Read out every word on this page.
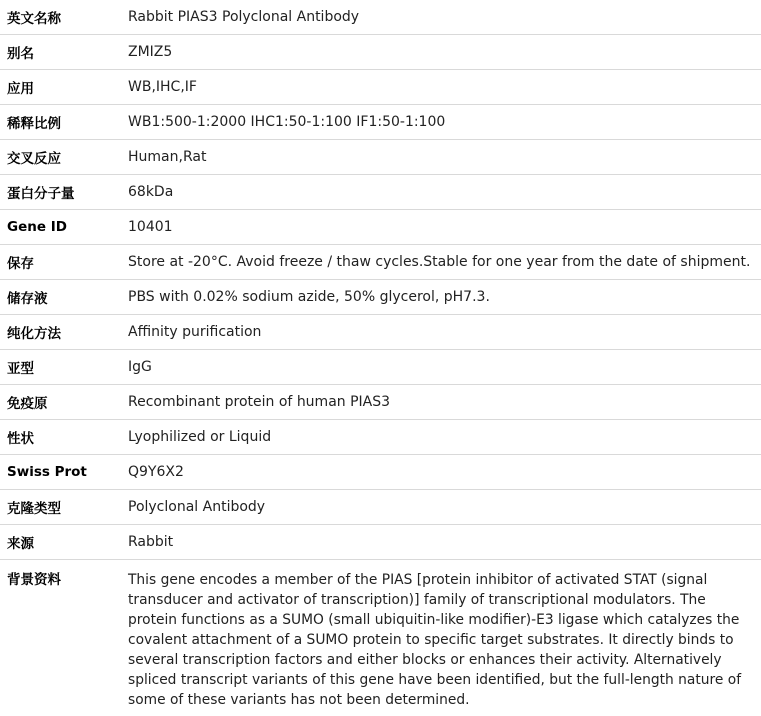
英文名称	Rabbit PIAS3 Polyclonal Antibody
别名	ZMIZ5
应用	WB,IHC,IF
稀释比例	WB1:500-1:2000 IHC1:50-1:100 IF1:50-1:100
交叉反应	Human,Rat
蛋白分子量	68kDa
Gene ID	10401
保存	Store at -20°C. Avoid freeze / thaw cycles.Stable for one year from the date of shipment.
储存液	PBS with 0.02% sodium azide, 50% glycerol, pH7.3.
纯化方法	Affinity purification
亚型	IgG
免疫原	Recombinant protein of human PIAS3
性状	Lyophilized or Liquid
Swiss Prot	Q9Y6X2
克隆类型	Polyclonal Antibody
来源	Rabbit
背景资料	This gene encodes a member of the PIAS [protein inhibitor of activated STAT (signal transducer and activator of transcription)] family of transcriptional modulators. The protein functions as a SUMO (small ubiquitin-like modifier)-E3 ligase which catalyzes the covalent attachment of a SUMO protein to specific target substrates. It directly binds to several transcription factors and either blocks or enhances their activity. Alternatively spliced transcript variants of this gene have been identified, but the full-length nature of some of these variants has not been determined.
